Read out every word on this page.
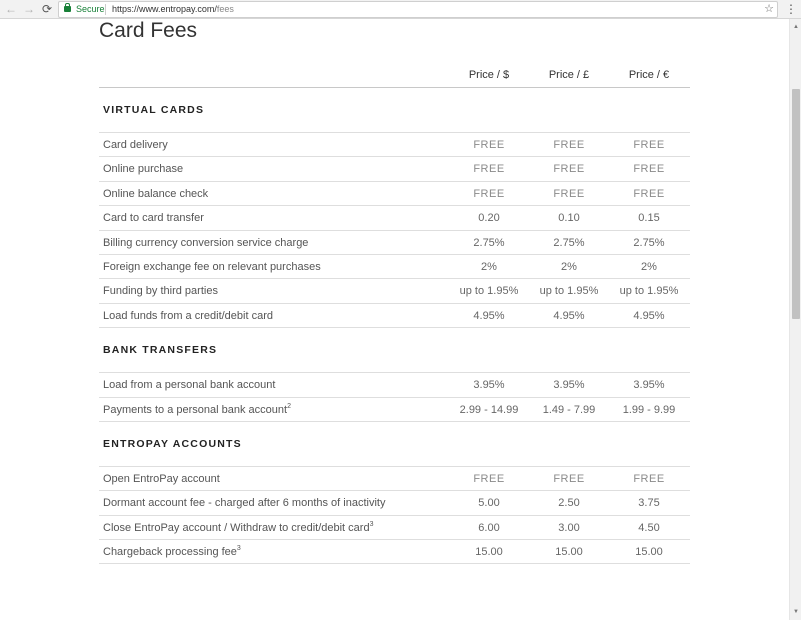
← → ⟳	Secure https://www.entropay.com/fees	☆ ⋮
▲
▼
Card Fees
Price / $	Price / £	Price / €
VIRTUAL CARDS
Card delivery	FREE	FREE	FREE
Online purchase	FREE	FREE	FREE
Online balance check	FREE	FREE	FREE
Card to card transfer	0.20	0.10	0.15
Billing currency conversion service charge	2.75%	2.75%	2.75%
Foreign exchange fee on relevant purchases	2%	2%	2%
Funding by third parties	up to 1.95%	up to 1.95%	up to 1.95%
Load funds from a credit/debit card	4.95%	4.95%	4.95%
BANK TRANSFERS
Load from a personal bank account	3.95%	3.95%	3.95%
Payments to a personal bank account$^2$	2.99 - 14.99	1.49 - 7.99	1.99 - 9.99
ENTROPAY ACCOUNTS
Open EntroPay account	FREE	FREE	FREE
Dormant account fee - charged after 6 months of inactivity	5.00	2.50	3.75
Close EntroPay account / Withdraw to credit/debit card$^3$	6.00	3.00	4.50
Chargeback processing fee$^3$	15.00	15.00	15.00
